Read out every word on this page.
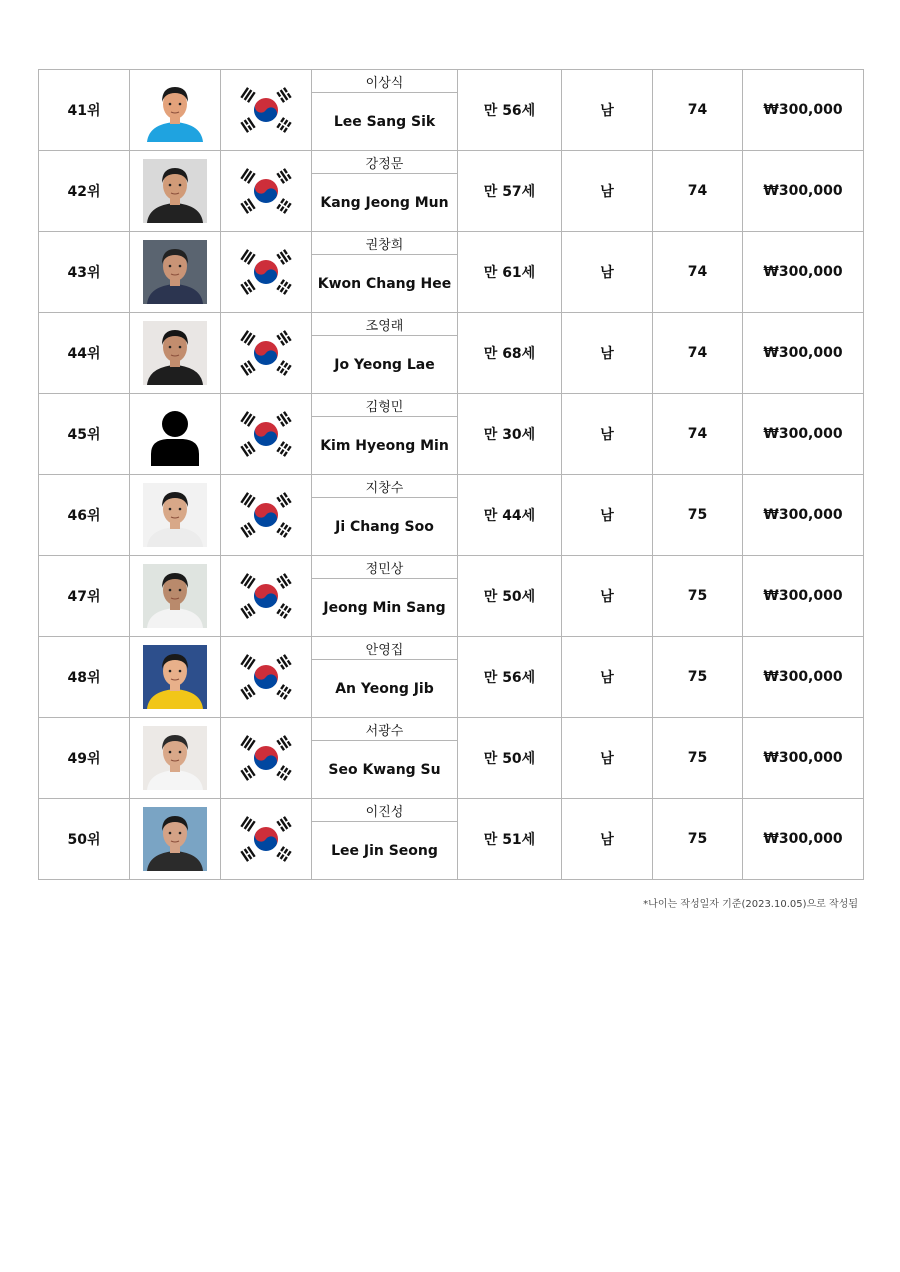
41위			이상식	만 56세	남	74	₩300,000
			Lee Sang Sik				
42위			강정문	만 57세	남	74	₩300,000
			Kang Jeong Mun				
43위			권창희	만 61세	남	74	₩300,000
			Kwon Chang Hee				
44위			조영래	만 68세	남	74	₩300,000
			Jo Yeong Lae				
45위			김형민	만 30세	남	74	₩300,000
			Kim Hyeong Min				
46위			지창수	만 44세	남	75	₩300,000
			Ji Chang Soo				
47위			정민상	만 50세	남	75	₩300,000
			Jeong Min Sang				
48위			안영집	만 56세	남	75	₩300,000
			An Yeong Jib				
49위			서광수	만 50세	남	75	₩300,000
			Seo Kwang Su				
50위			이진성	만 51세	남	75	₩300,000
			Lee Jin Seong				
*나이는 작성일자 기준(2023.10.05)으로 작성됨
